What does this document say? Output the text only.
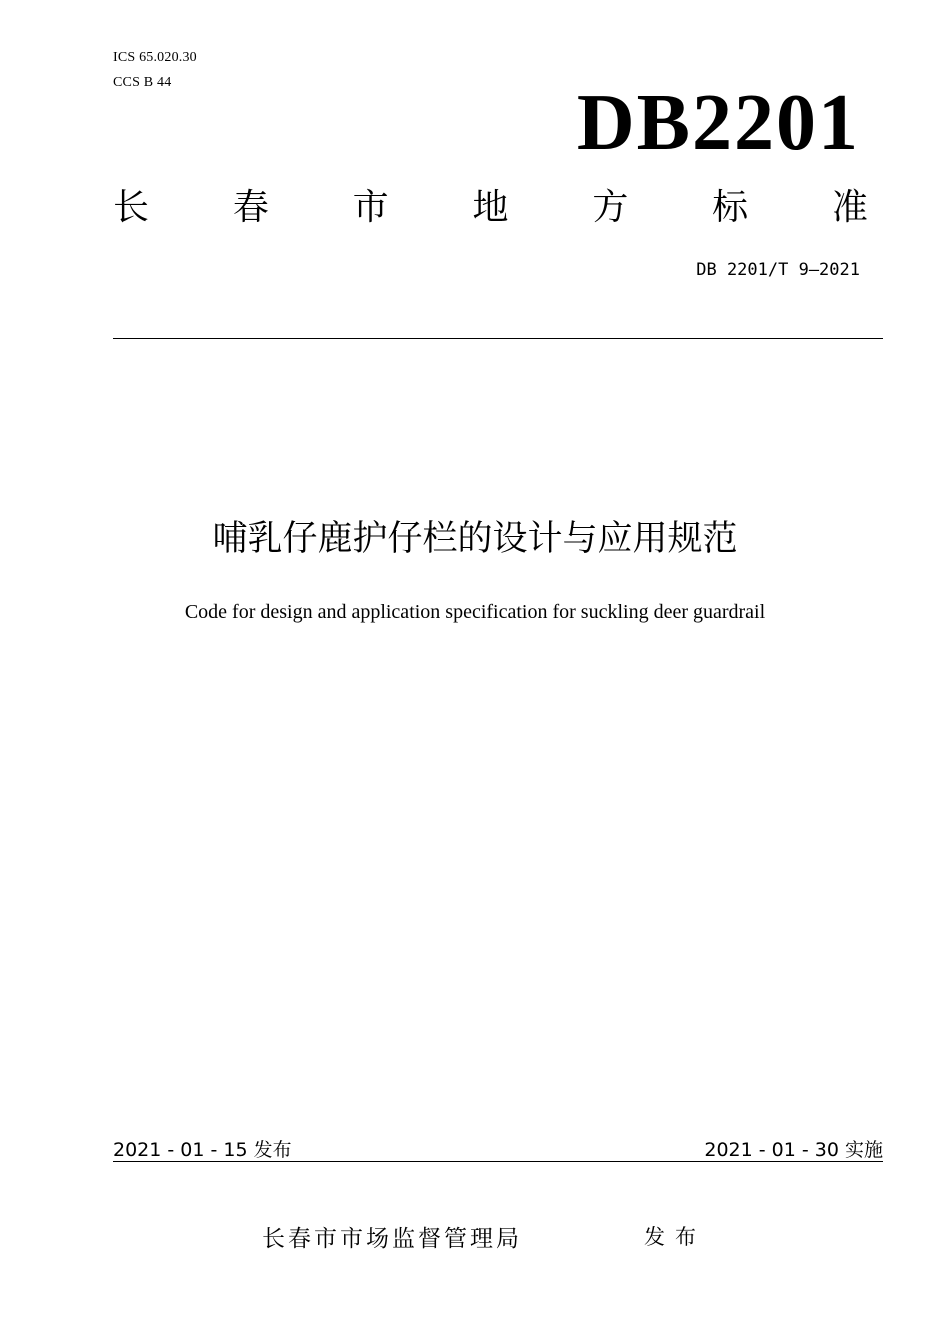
ICS 65.020.30
CCS B 44	DB2201
长 春 市 地 方 标 准
DB 2201/T 9—2021
哺乳仔鹿护仔栏的设计与应用规范
Code for design and application specification for suckling deer guardrail
2021 - 01 - 15 发布	2021 - 01 - 30 实施
长春市市场监督管理局	发布
